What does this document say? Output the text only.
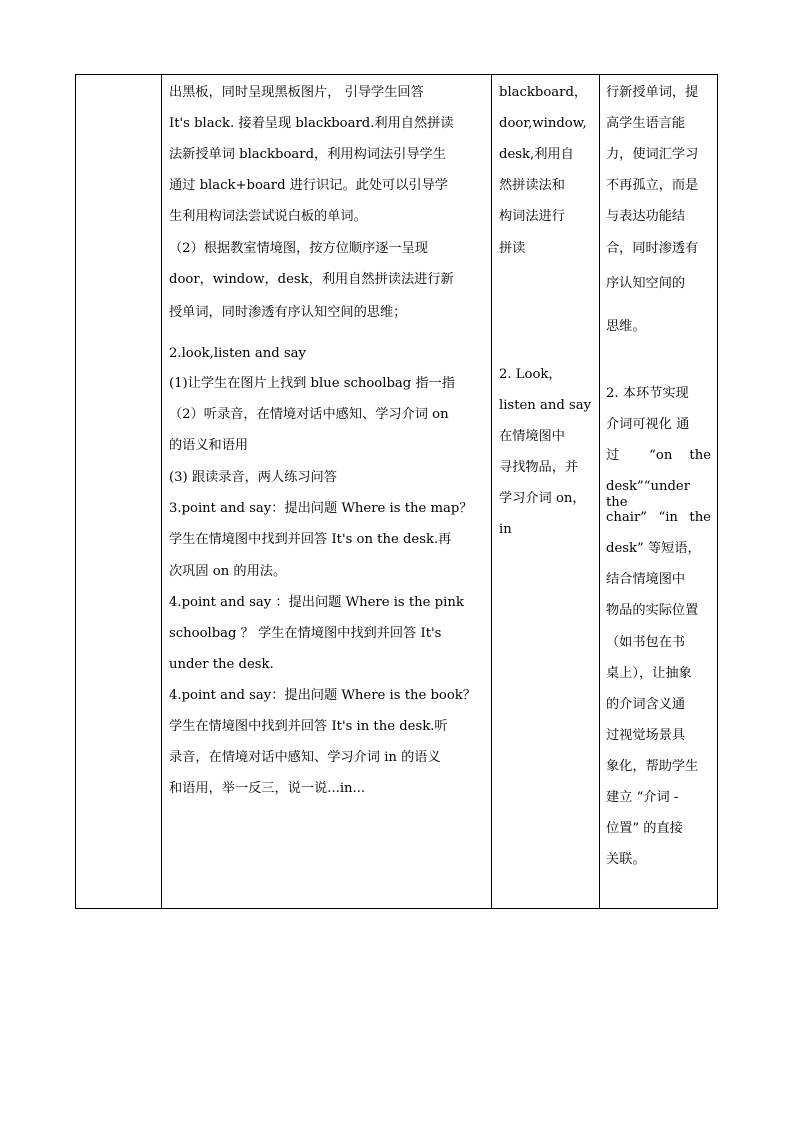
出黑板，同时呈现黑板图片， 引导学生回答
It's black. 接着呈现 blackboard.利用自然拼读
法新授单词 blackboard，利用构词法引导学生
通过 black+board 进行识记。此处可以引导学
生利用构词法尝试说白板的单词。
（2）根据教室情境图，按方位顺序逐一呈现
door，window，desk，利用自然拼读法进行新
授单词，同时渗透有序认知空间的思维；
2.look,listen and say
(1)让学生在图片上找到 blue schoolbag 指一指
（2）听录音，在情境对话中感知、学习介词 on
的语义和语用
(3) 跟读录音，两人练习问答
3.point and say：提出问题 Where is the map？
学生在情境图中找到并回答 It's on the desk.再
次巩固 on 的用法。
4.point and say ：提出问题 Where is the pink
schoolbag ？ 学生在情境图中找到并回答 It's
under the desk.
4.point and say：提出问题 Where is the book？
学生在情境图中找到并回答 It's in the desk.听
录音，在情境对话中感知、学习介词 in 的语义
和语用，举一反三，说一说...in...
blackboard，
door,window,
desk,利用自
然拼读法和
构词法进行
拼读
2. Look，
listen and say
在情境图中
寻找物品，并
学习介词 on，
in
行新授单词，提
高学生语言能
力，使词汇学习
不再孤立，而是
与表达功能结
合，同时渗透有
序认知空间的
思维。
2. 本环节实现
介词可视化 通
过 “on the
desk”“under the
chair” “in the
desk” 等短语，
结合情境图中
物品的实际位置
（如书包在书
桌上），让抽象
的介词含义通
过视觉场景具
象化，帮助学生
建立 “介词 -
位置” 的直接
关联。
